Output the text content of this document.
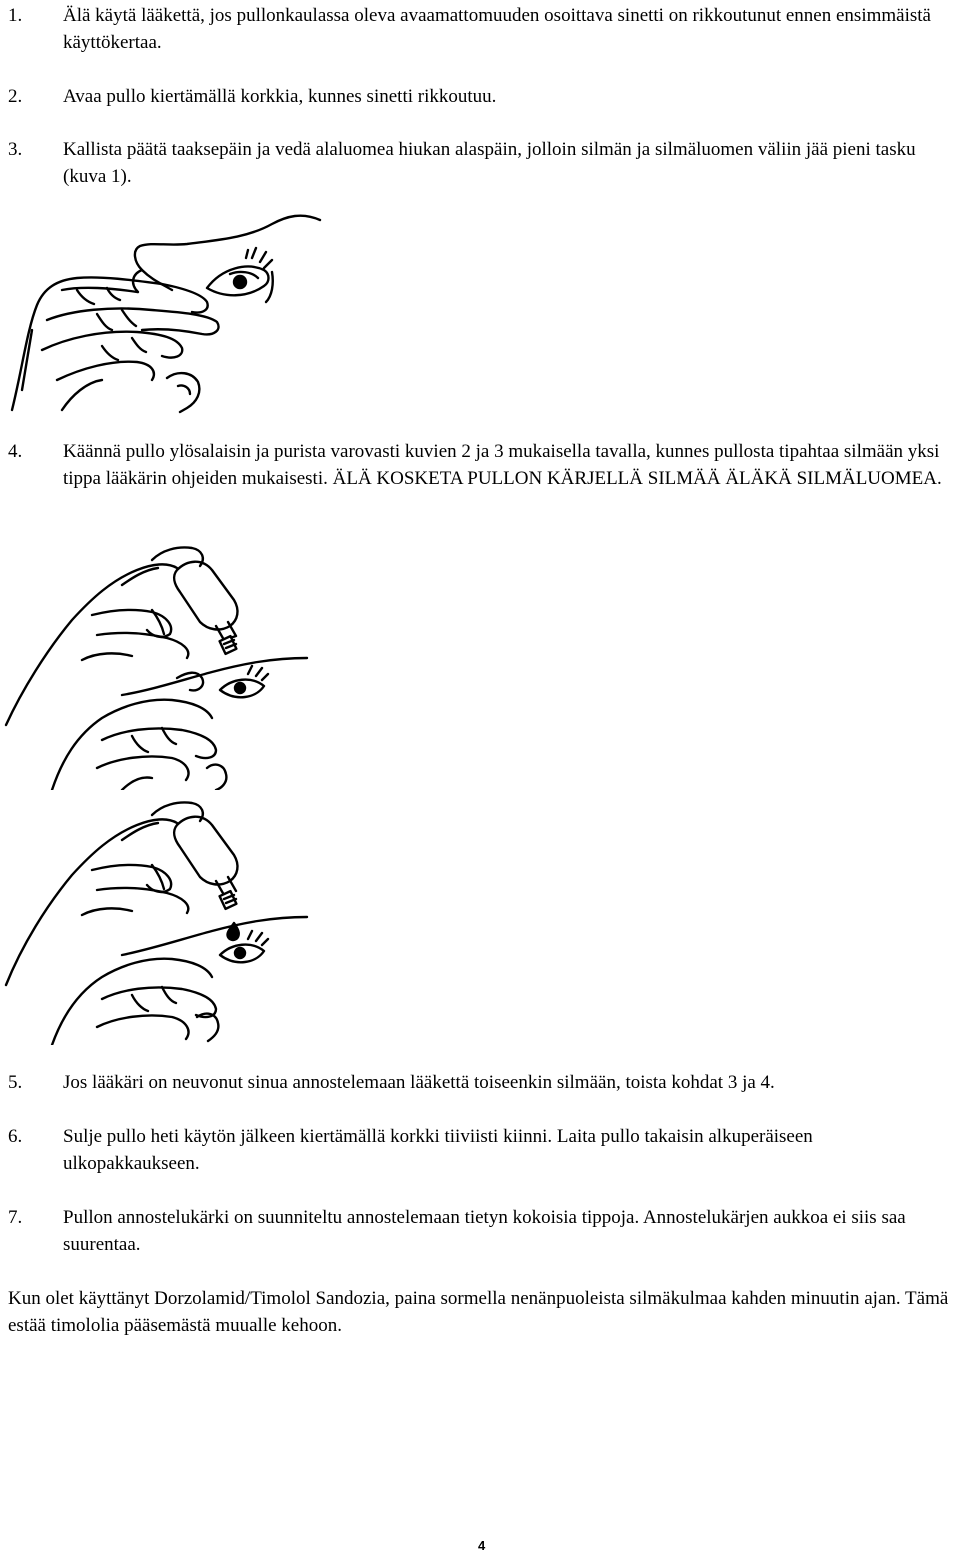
1. Älä käytä lääkettä, jos pullonkaulassa oleva avaamattomuuden osoittava sinetti on rikkoutunut ennen ensimmäistä käyttökertaa.
2. Avaa pullo kiertämällä korkkia, kunnes sinetti rikkoutuu.
3. Kallista päätä taaksepäin ja vedä alaluomea hiukan alaspäin, jolloin silmän ja silmäluomen väliin jää pieni tasku (kuva 1).
4. Käännä pullo ylösalaisin ja purista varovasti kuvien 2 ja 3 mukaisella tavalla, kunnes pullosta tipahtaa silmään yksi tippa lääkärin ohjeiden mukaisesti. ÄLÄ KOSKETA PULLON KÄRJELLÄ SILMÄÄ ÄLÄKÄ SILMÄLUOMEA.
5. Jos lääkäri on neuvonut sinua annostelemaan lääkettä toiseenkin silmään, toista kohdat 3 ja 4.
6. Sulje pullo heti käytön jälkeen kiertämällä korkki tiiviisti kiinni. Laita pullo takaisin alkuperäiseen ulkopakkaukseen.
7. Pullon annostelukärki on suunniteltu annostelemaan tietyn kokoisia tippoja. Annostelukärjen aukkoa ei siis saa suurentaa.
Kun olet käyttänyt Dorzolamid/Timolol Sandozia, paina sormella nenänpuoleista silmäkulmaa kahden minuutin ajan. Tämä estää timololia pääsemästä muualle kehoon.
4
